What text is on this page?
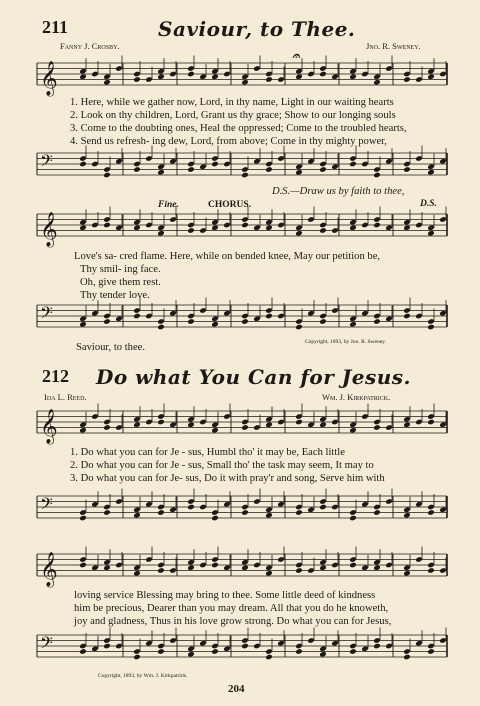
211	Saviour, to Thee.
Fanny J. Crosby.	Jno. R. Sweney.
𝄐
𝄞
1. Here, while we gather now, Lord, in thy name, Light in our waiting hearts
2. Look on thy children, Lord, Grant us thy grace; Show to our longing souls
3. Come to the doubting ones, Heal the oppressed; Come to the troubled hearts,
4. Send us refresh- ing dew, Lord, from above; Come in thy mighty power,
𝄢
D.S.—Draw us by faith to thee,
Fine.	CHORUS.	D.S.
𝄞
Love's sa- cred flame. Here, while on bended knee, May our petition be,
Thy smil- ing face.
Oh, give them rest.
Thy tender love.
𝄢
Saviour, to thee.	Copyright, 1893, by Jno. R. Sweney.
212 Do what You Can for Jesus.
Ida L. Reed.	Wm. J. Kirkpatrick.
𝄞
1. Do what you can for Je - sus, Humbl tho' it may be, Each little
2. Do what you can for Je - sus, Small tho' the task may seem, It may to
3. Do what you can for Je- sus, Do it with pray'r and song, Serve him with
𝄢
𝄞
loving service Blessing may bring to thee. Some little deed of kindness
him be precious, Dearer than you may dream. All that you do he knoweth,
joy and gladness, Thus in his love grow strong. Do what you can for Jesus,
𝄢
Copyright, 1893, by Wm. J. Kirkpatrick.
204
